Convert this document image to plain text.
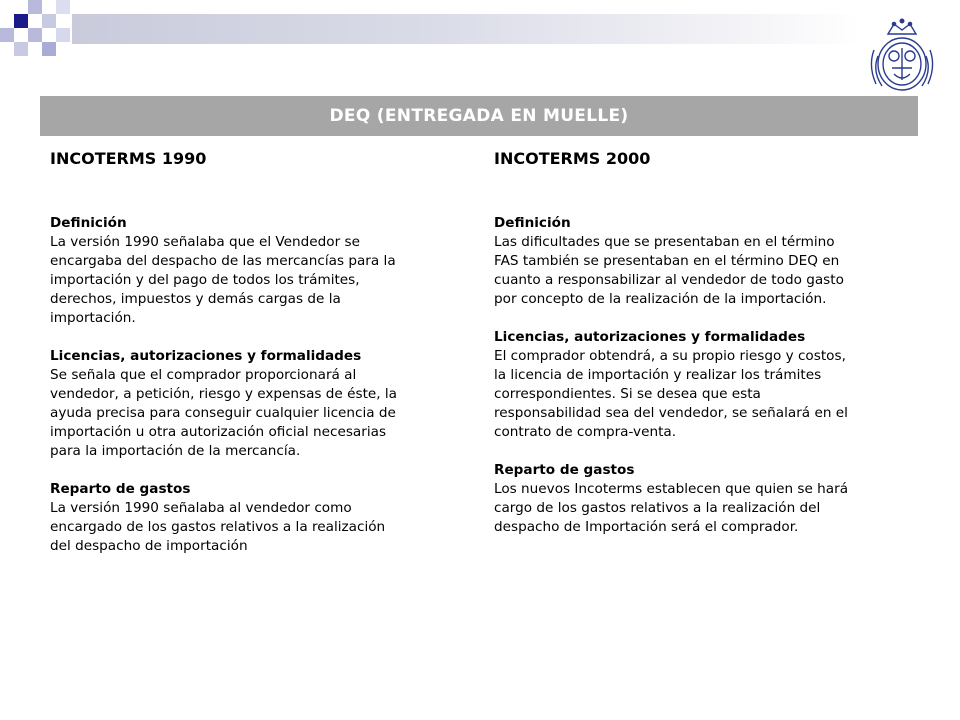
DEQ (ENTREGADA EN MUELLE)
INCOTERMS 1990	INCOTERMS 2000
Definición
La versión 1990 señalaba que el Vendedor se
encargaba del despacho de las mercancías para la
importación y del pago de todos los trámites,
derechos, impuestos y demás cargas de la
importación.
Licencias, autorizaciones y formalidades
Se señala que el comprador proporcionará al
vendedor, a petición, riesgo y expensas de éste, la
ayuda precisa para conseguir cualquier licencia de
importación u otra autorización oficial necesarias
para la importación de la mercancía.
Reparto de gastos
La versión 1990 señalaba al vendedor como
encargado de los gastos relativos a la realización
del despacho de importación
Definición
Las dificultades que se presentaban en el término
FAS también se presentaban en el término DEQ en
cuanto a responsabilizar al vendedor de todo gasto
por concepto de la realización de la importación.
Licencias, autorizaciones y formalidades
El comprador obtendrá, a su propio riesgo y costos,
la licencia de importación y realizar los trámites
correspondientes. Si se desea que esta
responsabilidad sea del vendedor, se señalará en el
contrato de compra-venta.
Reparto de gastos
Los nuevos Incoterms establecen que quien se hará
cargo de los gastos relativos a la realización del
despacho de Importación será el comprador.
